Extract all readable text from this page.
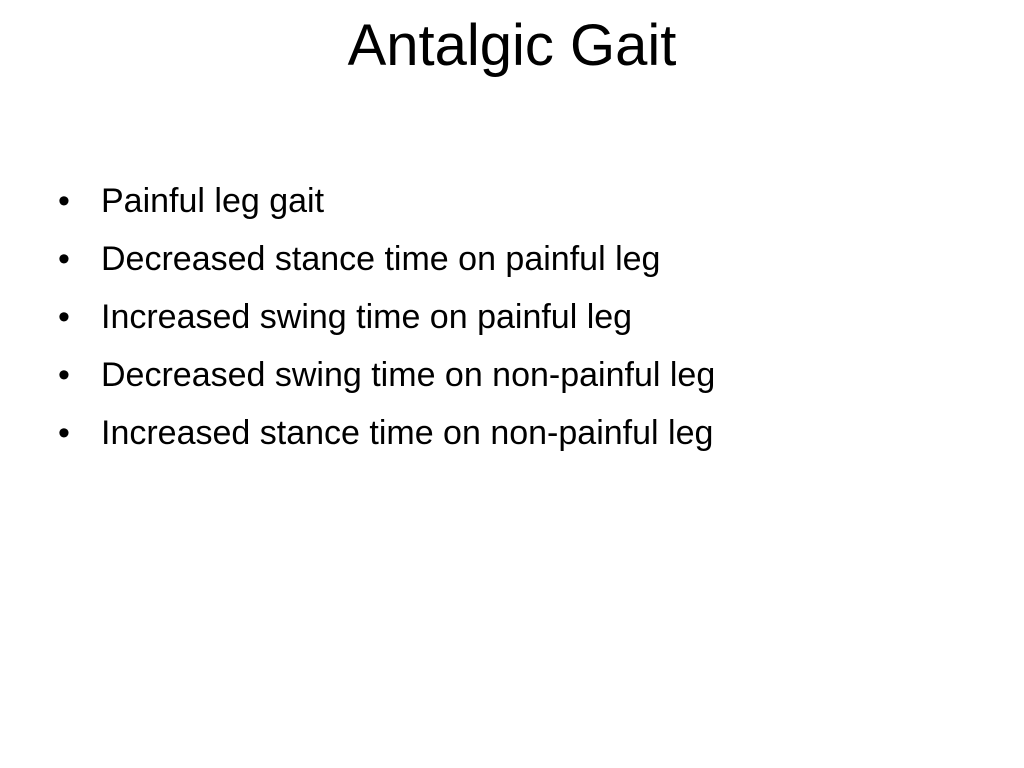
Antalgic Gait
• Painful leg gait
• Decreased stance time on painful leg
• Increased swing time on painful leg
• Decreased swing time on non-painful leg
• Increased stance time on non-painful leg
